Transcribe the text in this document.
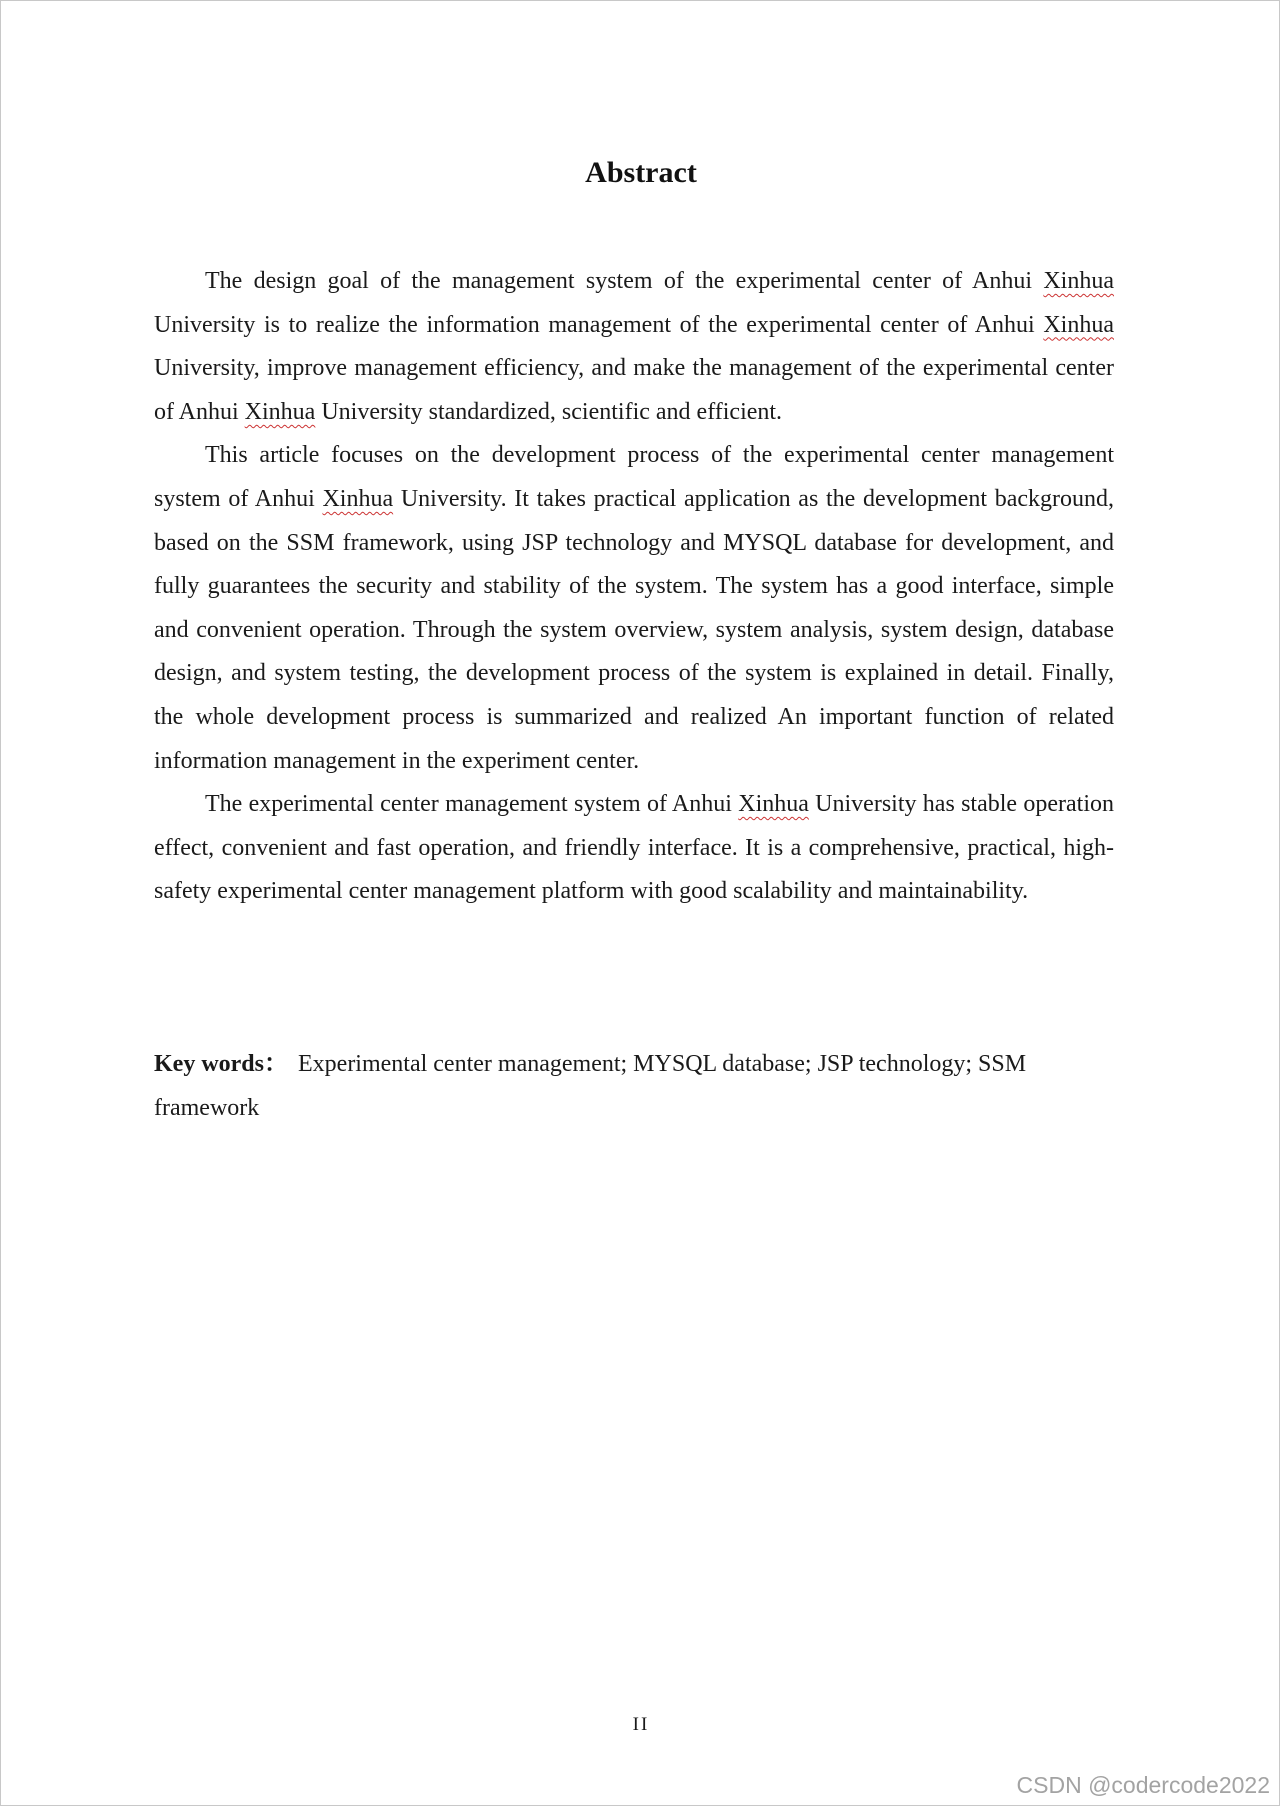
Abstract

The design goal of the management system of the experimental center of Anhui Xinhua University is to realize the information management of the experimental center of Anhui Xinhua University, improve management efficiency, and make the management of the experimental center of Anhui Xinhua University standardized, scientific and efficient.

This article focuses on the development process of the experimental center management system of Anhui Xinhua University. It takes practical application as the development background, based on the SSM framework, using JSP technology and MYSQL database for development, and fully guarantees the security and stability of the system. The system has a good interface, simple and convenient operation. Through the system overview, system analysis, system design, database design, and system testing, the development process of the system is explained in detail. Finally, the whole development process is summarized and realized An important function of related information management in the experiment center.

The experimental center management system of Anhui Xinhua University has stable operation effect, convenient and fast operation, and friendly interface. It is a comprehensive, practical, high-safety experimental center management platform with good scalability and maintainability.

Key words： Experimental center management; MYSQL database; JSP technology; SSM framework
II
CSDN @codercode2022
